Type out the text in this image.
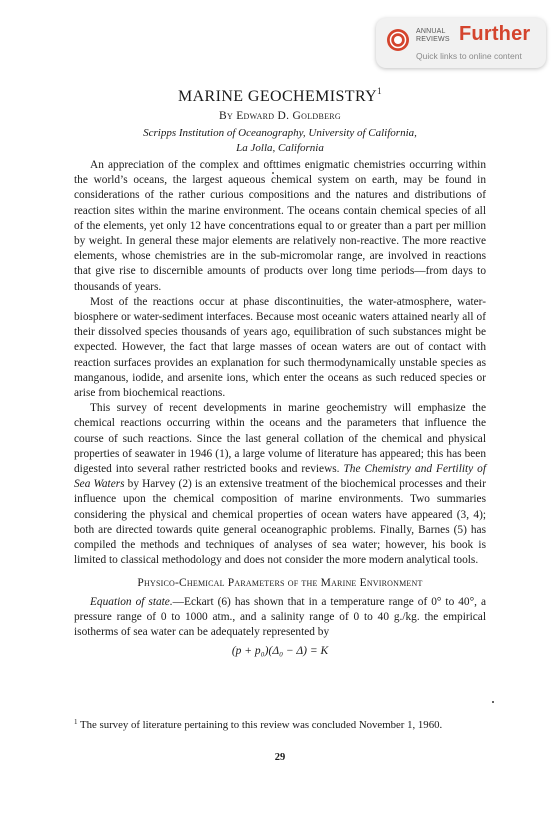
ANNUAL
REVIEWS Further
Quick links to online content
MARINE GEOCHEMISTRY$^1$
By Edward D. Goldberg
Scripps Institution of Oceanography, University of California,
La Jolla, California

An appreciation of the complex and ofttimes enigmatic chemistries occurring within the world’s oceans, the largest aqueous chemical system on earth, may be found in considerations of the rather curious compositions and the natures and distributions of reaction sites within the marine environment. The oceans contain chemical species of all of the elements, yet only 12 have concentrations equal to or greater than a part per million by weight. In general these major elements are relatively non-reactive. The more reactive elements, whose chemistries are in the sub-micromolar range, are involved in reactions that give rise to discernible amounts of products over long time periods—from days to thousands of years.

Most of the reactions occur at phase discontinuities, the water-atmosphere, water-biosphere or water-sediment interfaces. Because most oceanic waters attained nearly all of their dissolved species thousands of years ago, equilibration of such substances might be expected. However, the fact that large masses of ocean waters are out of contact with reaction surfaces provides an explanation for such thermodynamically unstable species as manganous, iodide, and arsenite ions, which enter the oceans as such reduced species or arise from biochemical reactions.

This survey of recent developments in marine geochemistry will emphasize the chemical reactions occurring within the oceans and the parameters that influence the course of such reactions. Since the last general collation of the chemical and physical properties of seawater in 1946 (1), a large volume of literature has appeared; this has been digested into several rather restricted books and reviews. The Chemistry and Fertility of Sea Waters by Harvey (2) is an extensive treatment of the biochemical processes and their influence upon the chemical composition of marine environments. Two summaries considering the physical and chemical properties of ocean waters have appeared (3, 4); both are directed towards quite general oceanographic problems. Finally, Barnes (5) has compiled the methods and techniques of analyses of sea water; however, his book is limited to classical methodology and does not consider the more modern analytical tools.

Physico-Chemical Parameters of the Marine Environment

Equation of state.—Eckart (6) has shown that in a temperature range of 0° to 40°, a pressure range of 0 to 1000 atm., and a salinity range of 0 to 40 g./kg. the empirical isotherms of sea water can be adequately represented by

(p + p₀)(Δ₀ − Δ) = K
$^1$ The survey of literature pertaining to this review was concluded November 1, 1960.
29
